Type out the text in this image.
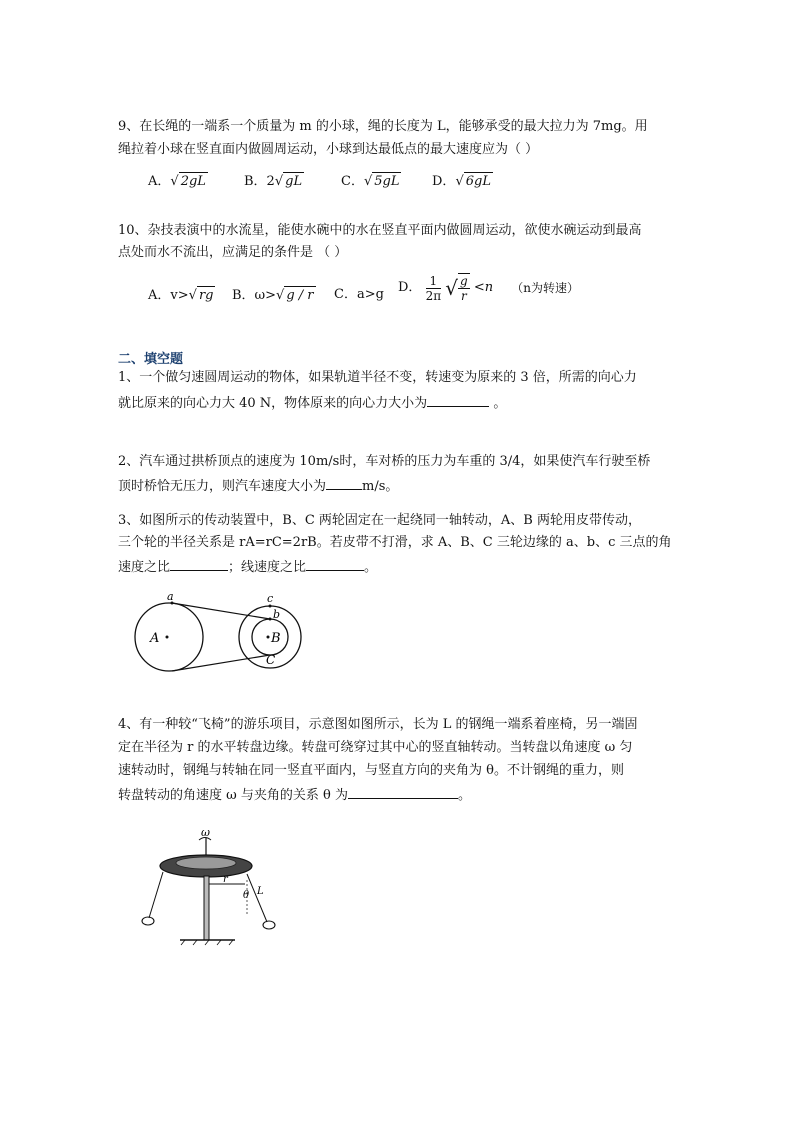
9、在长绳的一端系一个质量为 m 的小球，绳的长度为 L，能够承受的最大拉力为 7mg。用
绳拉着小球在竖直面内做圆周运动，小球到达最低点的最大速度应为（ ）
A．√ 2gL	B．2√ gL	C．√ 5gL	D．√ 6gL
10、杂技表演中的水流星，能使水碗中的水在竖直平面内做圆周运动，欲使水碗运动到最高
点处而水不流出，应满足的条件是 （ ）
A．v>√ rg B．ω>√ g / r C．a>g D． $\frac{1}{2\pi}$ √ $\frac{g}{r} <n$ （n为转速）
二、填空题
1、一个做匀速圆周运动的物体，如果轨道半径不变，转速变为原来的 3 倍，所需的向心力
就比原来的向心力大 40 N，物体原来的向心力大小为	。
2、汽车通过拱桥顶点的速度为 10m/s时，车对桥的压力为车重的 3/4，如果使汽车行驶至桥
顶时桥恰无压力，则汽车速度大小为	m/s。
3、如图所示的传动装置中，B、C 两轮固定在一起绕同一轴转动，A、B 两轮用皮带传动，
三个轮的半径关系是 rA=rC=2rB。若皮带不打滑，求 A、B、C 三轮边缘的 a、b、c 三点的角
速度之比	；线速度之比	。
A	B
C
a
b
c
4、有一种较“飞椅”的游乐项目，示意图如图所示，长为 L 的钢绳一端系着座椅，另一端固
定在半径为 r 的水平转盘边缘。转盘可绕穿过其中心的竖直轴转动。当转盘以角速度 ω 匀
速转动时，钢绳与转轴在同一竖直平面内，与竖直方向的夹角为 θ。不计钢绳的重力，则
转盘转动的角速度 ω 与夹角的关系 θ 为	。
ω
r
θ L
